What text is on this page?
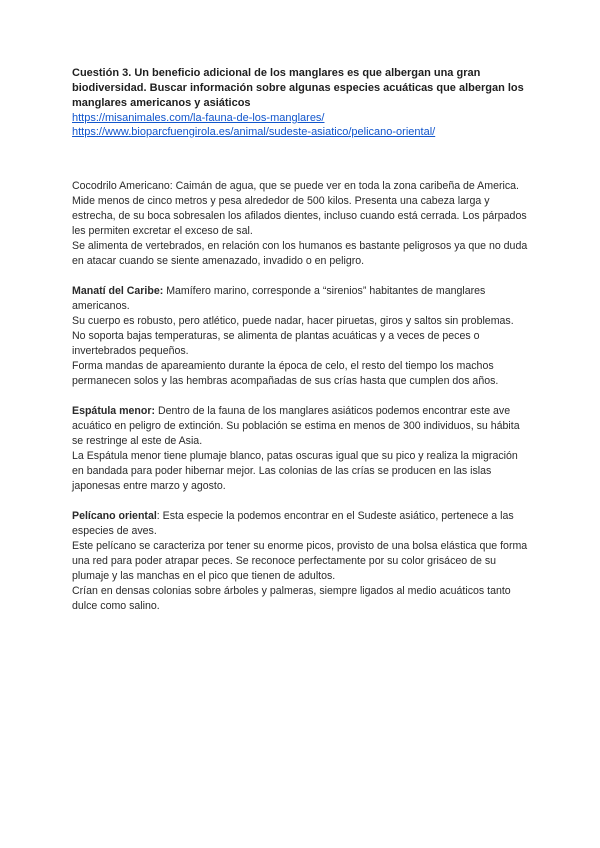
Cuestión 3. Un beneficio adicional de los manglares es que albergan una gran biodiversidad. Buscar información sobre algunas especies acuáticas que albergan los manglares americanos y asiáticos

https://misanimales.com/la-fauna-de-los-manglares/
https://www.bioparcfuengirola.es/animal/sudeste-asiatico/pelicano-oriental/

Cocodrilo Americano: Caimán de agua, que se puede ver en toda la zona caribeña de America. Mide menos de cinco metros y pesa alrededor de 500 kilos. Presenta una cabeza larga y estrecha, de su boca sobresalen los afilados dientes, incluso cuando está cerrada. Los párpados les permiten excretar el exceso de sal.

Se alimenta de vertebrados, en relación con los humanos es bastante peligrosos ya que no duda en atacar cuando se siente amenazado, invadido o en peligro.

Manatí del Caribe: Mamífero marino, corresponde a “sirenios” habitantes de manglares americanos.

Su cuerpo es robusto, pero atlético, puede nadar, hacer piruetas, giros y saltos sin problemas.

No soporta bajas temperaturas, se alimenta de plantas acuáticas y a veces de peces o invertebrados pequeños.

Forma mandas de apareamiento durante la época de celo, el resto del tiempo los machos permanecen solos y las hembras acompañadas de sus crías hasta que cumplen dos años.

Espátula menor: Dentro de la fauna de los manglares asiáticos podemos encontrar este ave acuático en peligro de extinción. Su población se estima en menos de 300 individuos, su hábita se restringe al este de Asia.

La Espátula menor tiene plumaje blanco, patas oscuras igual que su pico y realiza la migración en bandada para poder hibernar mejor. Las colonias de las crías se producen en las islas japonesas entre marzo y agosto.

Pelícano oriental: Esta especie la podemos encontrar en el Sudeste asiático, pertenece a las especies de aves.

Este pelícano se caracteriza por tener su enorme picos, provisto de una bolsa elástica que forma una red para poder atrapar peces. Se reconoce perfectamente por su color grisáceo de su plumaje y las manchas en el pico que tienen de adultos.

Crían en densas colonias sobre árboles y palmeras, siempre ligados al medio acuáticos tanto dulce como salino.
